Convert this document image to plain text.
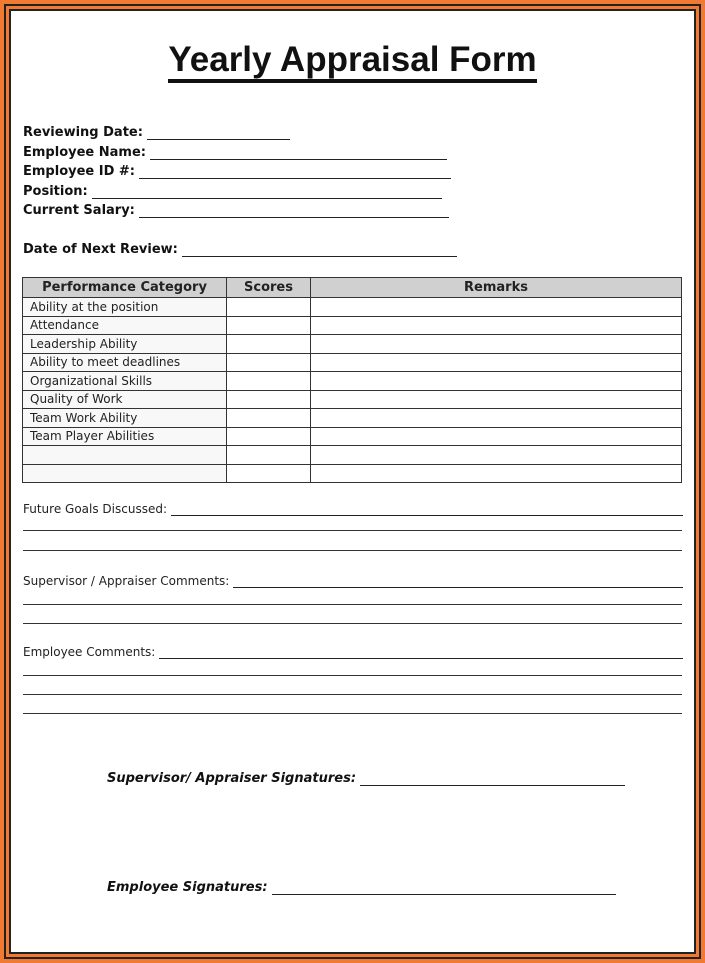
Yearly Appraisal Form
Reviewing Date:
Employee Name:
Employee ID #:
Position:
Current Salary:
Date of Next Review:
Performance Category	Scores	Remarks
Ability at the position		
Attendance		
Leadership Ability		
Ability to meet deadlines		
Organizational Skills		
Quality of Work		
Team Work Ability		
Team Player Abilities		

Future Goals Discussed:
Supervisor / Appraiser Comments:
Employee Comments:
Supervisor/ Appraiser Signatures:
Employee Signatures:
